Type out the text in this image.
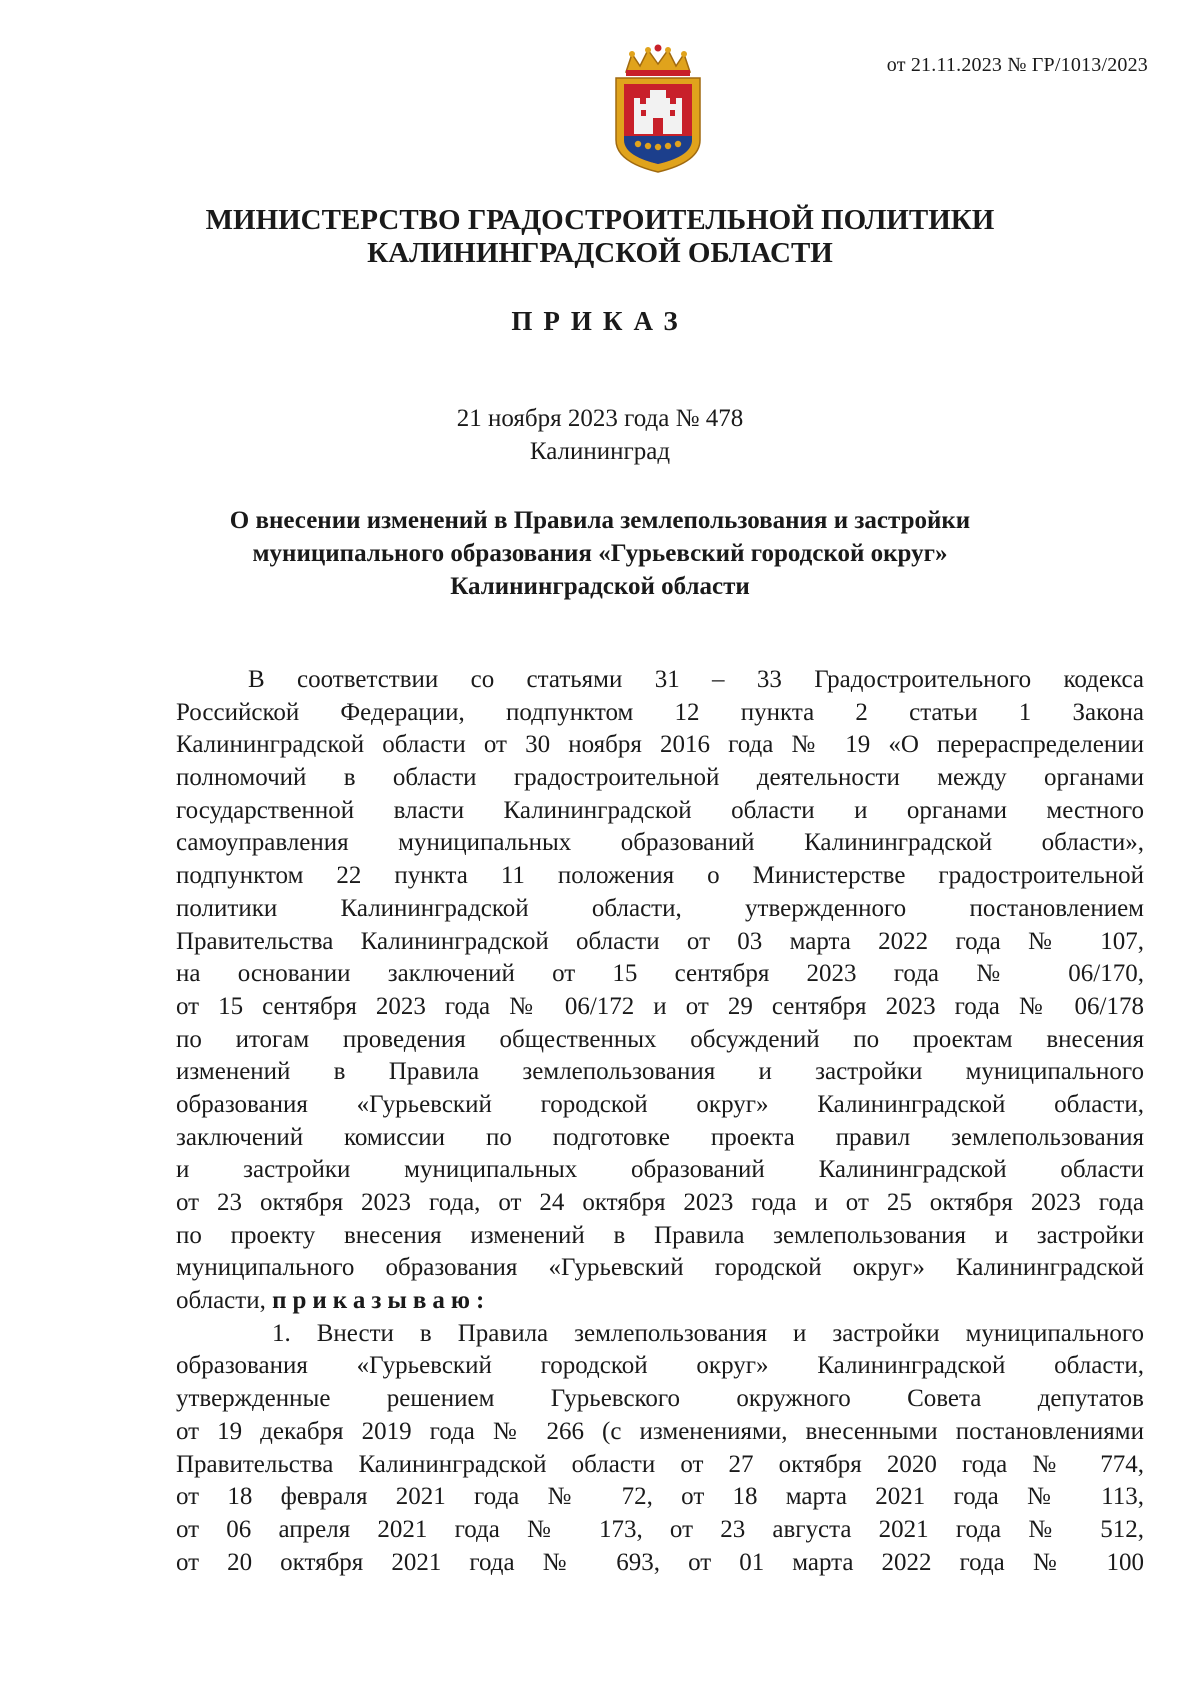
от 21.11.2023 № ГР/1013/2023
МИНИСТЕРСТВО ГРАДОСТРОИТЕЛЬНОЙ ПОЛИТИКИ
КАЛИНИНГРАДСКОЙ ОБЛАСТИ
ПРИКАЗ
21 ноября 2023 года № 478
Калининград
О внесении изменений в Правила землепользования и застройки
муниципального образования «Гурьевский городской округ»
Калининградской области
В соответствии со статьями 31 – 33 Градостроительного кодекса
Российской Федерации, подпунктом 12 пункта 2 статьи 1 Закона
Калининградской области от 30 ноября 2016 года № 19 «О перераспределении
полномочий в области градостроительной деятельности между органами
государственной власти Калининградской области и органами местного
самоуправления муниципальных образований Калининградской области»,
подпунктом 22 пункта 11 положения о Министерстве градостроительной
политики Калининградской области, утвержденного постановлением
Правительства Калининградской области от 03 марта 2022 года № 107,
на основании заключений от 15 сентября 2023 года № 06/170,
от 15 сентября 2023 года № 06/172 и от 29 сентября 2023 года № 06/178
по итогам проведения общественных обсуждений по проектам внесения
изменений в Правила землепользования и застройки муниципального
образования «Гурьевский городской округ» Калининградской области,
заключений комиссии по подготовке проекта правил землепользования
и застройки муниципальных образований Калининградской области
от 23 октября 2023 года, от 24 октября 2023 года и от 25 октября 2023 года
по проекту внесения изменений в Правила землепользования и застройки
муниципального образования «Гурьевский городской округ» Калининградской
области, приказываю:
1. Внести в Правила землепользования и застройки муниципального
образования «Гурьевский городской округ» Калининградской области,
утвержденные решением Гурьевского окружного Совета депутатов
от 19 декабря 2019 года № 266 (с изменениями, внесенными постановлениями
Правительства Калининградской области от 27 октября 2020 года № 774,
от 18 февраля 2021 года № 72, от 18 марта 2021 года № 113,
от 06 апреля 2021 года № 173, от 23 августа 2021 года № 512,
от 20 октября 2021 года № 693, от 01 марта 2022 года № 100
